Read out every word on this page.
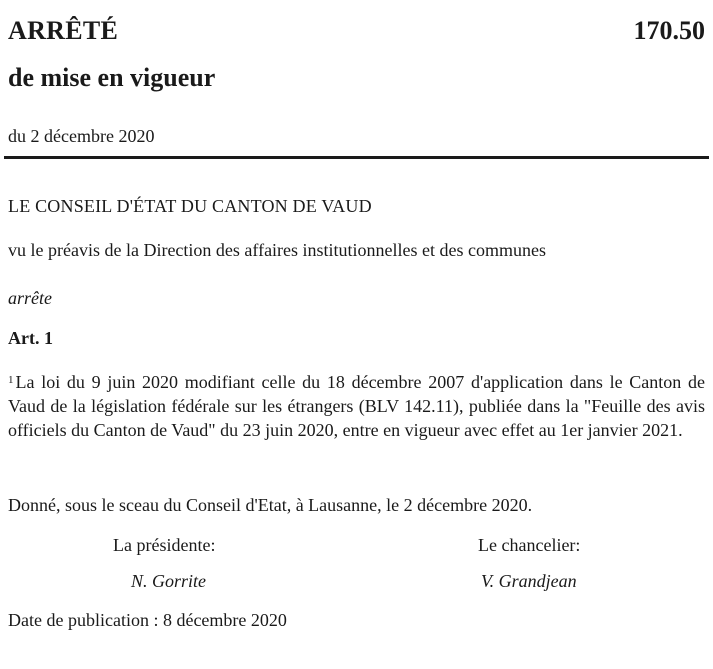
ARRÊTÉ	170.50
de mise en vigueur
du 2 décembre 2020
LE CONSEIL D'ÉTAT DU CANTON DE VAUD
vu le préavis de la Direction des affaires institutionnelles et des communes
arrête
Art. 1
$^1$ La loi du 9 juin 2020 modifiant celle du 18 décembre 2007 d'application dans le Canton de Vaud de la législation fédérale sur les étrangers (BLV 142.11), publiée dans la "Feuille des avis officiels du Canton de Vaud" du 23 juin 2020, entre en vigueur avec effet au 1er janvier 2021.
Donné, sous le sceau du Conseil d'Etat, à Lausanne, le 2 décembre 2020.
La présidente:	Le chancelier:
N. Gorrite	V. Grandjean
Date de publication : 8 décembre 2020
